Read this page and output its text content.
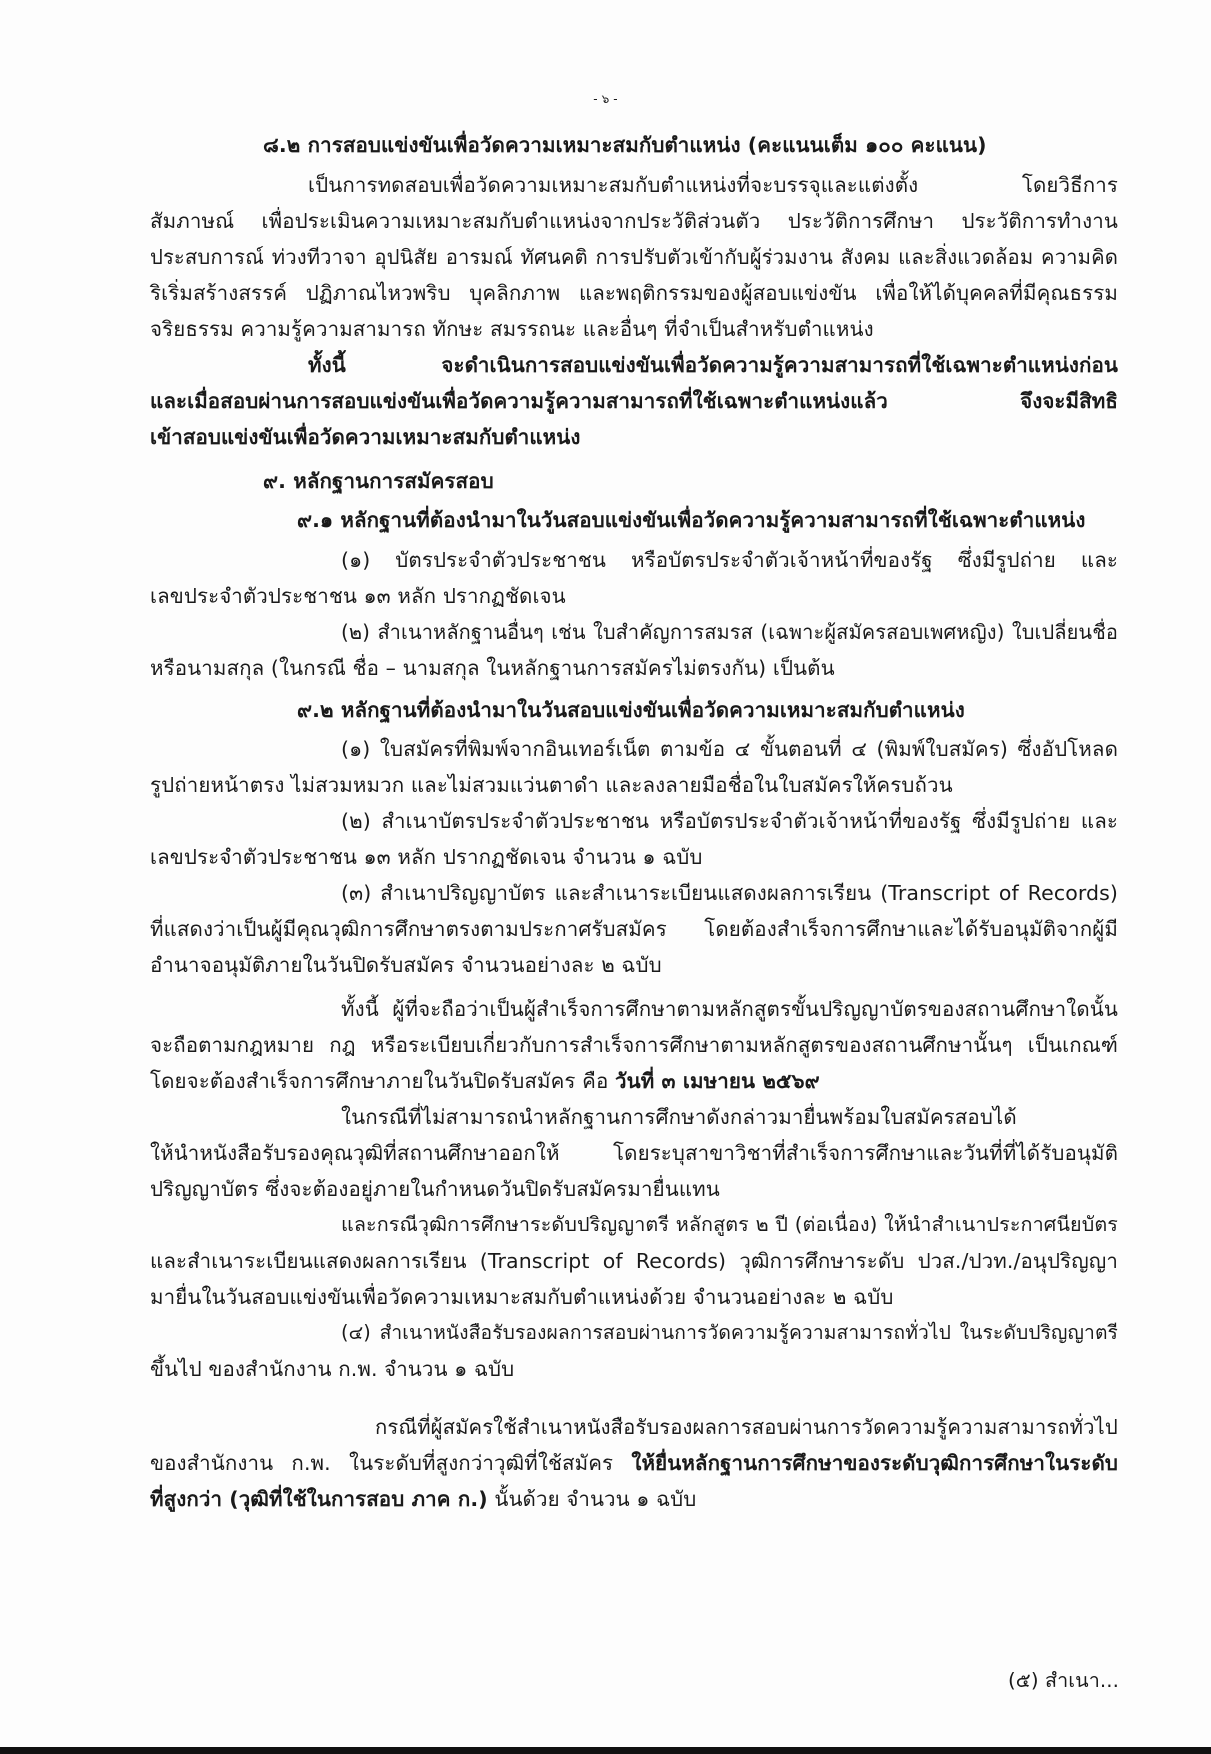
- ๖ -
๘.๒ การสอบแข่งขันเพื่อวัดความเหมาะสมกับตำแหน่ง (คะแนนเต็ม ๑๐๐ คะแนน)
เป็นการทดสอบเพื่อวัดความเหมาะสมกับตำแหน่งที่จะบรรจุและแต่งตั้ง โดยวิธีการ
สัมภาษณ์ เพื่อประเมินความเหมาะสมกับตำแหน่งจากประวัติส่วนตัว ประวัติการศึกษา ประวัติการทำงาน
ประสบการณ์ ท่วงทีวาจา อุปนิสัย อารมณ์ ทัศนคติ การปรับตัวเข้ากับผู้ร่วมงาน สังคม และสิ่งแวดล้อม ความคิด
ริเริ่มสร้างสรรค์ ปฏิภาณไหวพริบ บุคลิกภาพ และพฤติกรรมของผู้สอบแข่งขัน เพื่อให้ได้บุคคลที่มีคุณธรรม
จริยธรรม ความรู้ความสามารถ ทักษะ สมรรถนะ และอื่นๆ ที่จำเป็นสำหรับตำแหน่ง
ทั้งนี้ จะดำเนินการสอบแข่งขันเพื่อวัดความรู้ความสามารถที่ใช้เฉพาะตำแหน่งก่อน
และเมื่อสอบผ่านการสอบแข่งขันเพื่อวัดความรู้ความสามารถที่ใช้เฉพาะตำแหน่งแล้ว จึงจะมีสิทธิ
เข้าสอบแข่งขันเพื่อวัดความเหมาะสมกับตำแหน่ง
๙. หลักฐานการสมัครสอบ
๙.๑ หลักฐานที่ต้องนำมาในวันสอบแข่งขันเพื่อวัดความรู้ความสามารถที่ใช้เฉพาะตำแหน่ง
(๑) บัตรประจำตัวประชาชน หรือบัตรประจำตัวเจ้าหน้าที่ของรัฐ ซึ่งมีรูปถ่าย และ
เลขประจำตัวประชาชน ๑๓ หลัก ปรากฏชัดเจน
(๒) สำเนาหลักฐานอื่นๆ เช่น ใบสำคัญการสมรส (เฉพาะผู้สมัครสอบเพศหญิง) ใบเปลี่ยนชื่อ
หรือนามสกุล (ในกรณี ชื่อ – นามสกุล ในหลักฐานการสมัครไม่ตรงกัน) เป็นต้น
๙.๒ หลักฐานที่ต้องนำมาในวันสอบแข่งขันเพื่อวัดความเหมาะสมกับตำแหน่ง
(๑) ใบสมัครที่พิมพ์จากอินเทอร์เน็ต ตามข้อ ๔ ขั้นตอนที่ ๔ (พิมพ์ใบสมัคร) ซึ่งอัปโหลด
รูปถ่ายหน้าตรง ไม่สวมหมวก และไม่สวมแว่นตาดำ และลงลายมือชื่อในใบสมัครให้ครบถ้วน
(๒) สำเนาบัตรประจำตัวประชาชน หรือบัตรประจำตัวเจ้าหน้าที่ของรัฐ ซึ่งมีรูปถ่าย และ
เลขประจำตัวประชาชน ๑๓ หลัก ปรากฏชัดเจน จำนวน ๑ ฉบับ
(๓) สำเนาปริญญาบัตร และสำเนาระเบียนแสดงผลการเรียน (Transcript of Records)
ที่แสดงว่าเป็นผู้มีคุณวุฒิการศึกษาตรงตามประกาศรับสมัคร โดยต้องสำเร็จการศึกษาและได้รับอนุมัติจากผู้มี
อำนาจอนุมัติภายในวันปิดรับสมัคร จำนวนอย่างละ ๒ ฉบับ
ทั้งนี้ ผู้ที่จะถือว่าเป็นผู้สำเร็จการศึกษาตามหลักสูตรขั้นปริญญาบัตรของสถานศึกษาใดนั้น
จะถือตามกฎหมาย กฎ หรือระเบียบเกี่ยวกับการสำเร็จการศึกษาตามหลักสูตรของสถานศึกษานั้นๆ เป็นเกณฑ์
โดยจะต้องสำเร็จการศึกษาภายในวันปิดรับสมัคร คือ วันที่ ๓ เมษายน ๒๕๖๙
ในกรณีที่ไม่สามารถนำหลักฐานการศึกษาดังกล่าวมายื่นพร้อมใบสมัครสอบได้
ให้นำหนังสือรับรองคุณวุฒิที่สถานศึกษาออกให้ โดยระบุสาขาวิชาที่สำเร็จการศึกษาและวันที่ที่ได้รับอนุมัติ
ปริญญาบัตร ซึ่งจะต้องอยู่ภายในกำหนดวันปิดรับสมัครมายื่นแทน
และกรณีวุฒิการศึกษาระดับปริญญาตรี หลักสูตร ๒ ปี (ต่อเนื่อง) ให้นำสำเนาประกาศนียบัตร
และสำเนาระเบียนแสดงผลการเรียน (Transcript of Records) วุฒิการศึกษาระดับ ปวส./ปวท./อนุปริญญา
มายื่นในวันสอบแข่งขันเพื่อวัดความเหมาะสมกับตำแหน่งด้วย จำนวนอย่างละ ๒ ฉบับ
(๔) สำเนาหนังสือรับรองผลการสอบผ่านการวัดความรู้ความสามารถทั่วไป ในระดับปริญญาตรี
ขึ้นไป ของสำนักงาน ก.พ. จำนวน ๑ ฉบับ
กรณีที่ผู้สมัครใช้สำเนาหนังสือรับรองผลการสอบผ่านการวัดความรู้ความสามารถทั่วไป
ของสำนักงาน ก.พ. ในระดับที่สูงกว่าวุฒิที่ใช้สมัคร ให้ยื่นหลักฐานการศึกษาของระดับวุฒิการศึกษาในระดับ
ที่สูงกว่า (วุฒิที่ใช้ในการสอบ ภาค ก.) นั้นด้วย จำนวน ๑ ฉบับ
(๕) สำเนา...
